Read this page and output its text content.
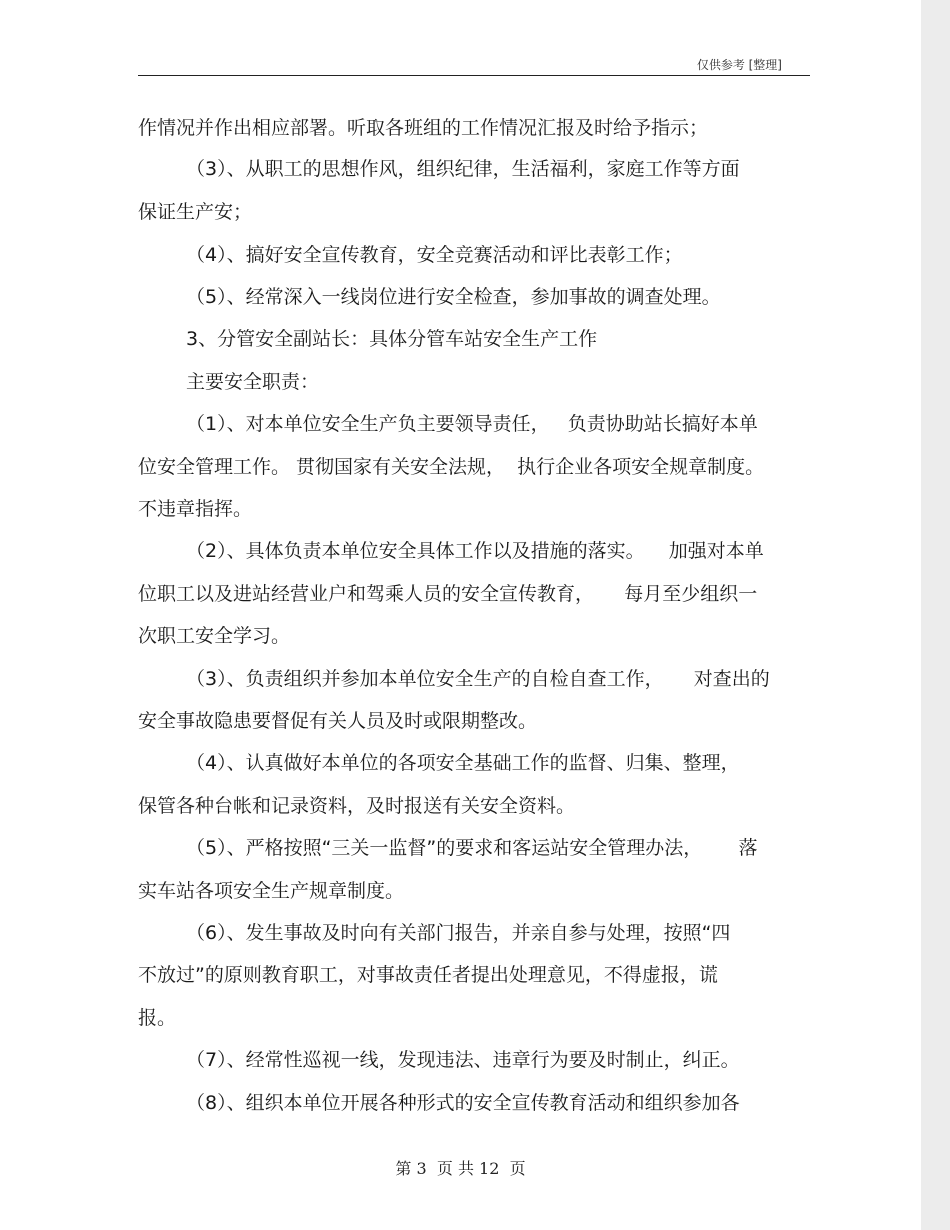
仅供参考 [整理]
作情况并作出相应部署。听取各班组的工作情况汇报及时给予指示；
（3）、从职工的思想作风，组织纪律，生活福利，家庭工作等方面
保证生产安；
（4）、搞好安全宣传教育，安全竞赛活动和评比表彰工作；
（5）、经常深入一线岗位进行安全检查，参加事故的调查处理。
3、分管安全副站长：具体分管车站安全生产工作
主要安全职责：
（1）、对本单位安全生产负主要领导责任，   负责协助站长搞好本单
位安全管理工作。 贯彻国家有关安全法规，  执行企业各项安全规章制度。
不违章指挥。
（2）、具体负责本单位安全具体工作以及措施的落实。    加强对本单
位职工以及进站经营业户和驾乘人员的安全宣传教育，     每月至少组织一
次职工安全学习。
（3）、负责组织并参加本单位安全生产的自检自查工作，     对查出的
安全事故隐患要督促有关人员及时或限期整改。
（4）、认真做好本单位的各项安全基础工作的监督、归集、整理，
保管各种台帐和记录资料，及时报送有关安全资料。
（5）、严格按照“三关一监督”的要求和客运站安全管理办法，      落
实车站各项安全生产规章制度。
（6）、发生事故及时向有关部门报告，并亲自参与处理，按照“四
不放过”的原则教育职工，对事故责任者提出处理意见，不得虚报，谎
报。
（7）、经常性巡视一线，发现违法、违章行为要及时制止，纠正。
（8）、组织本单位开展各种形式的安全宣传教育活动和组织参加各
第 3  页 共 12  页
